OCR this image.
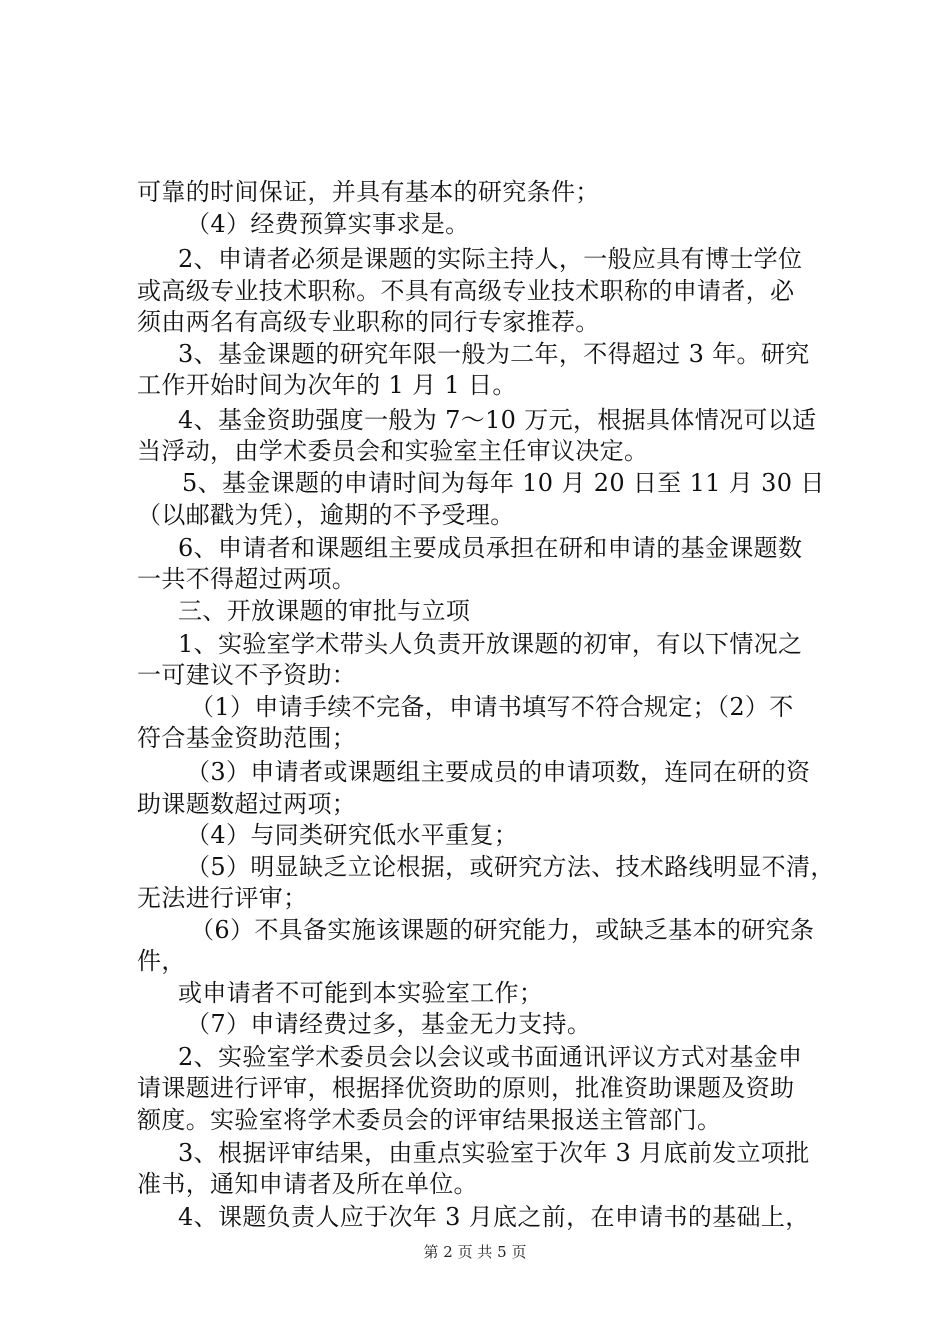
可靠的时间保证，并具有基本的研究条件；
（4）经费预算实事求是。
2、申请者必须是课题的实际主持人，一般应具有博士学位
或高级专业技术职称。不具有高级专业技术职称的申请者，必
须由两名有高级专业职称的同行专家推荐。
3、基金课题的研究年限一般为二年，不得超过 3 年。研究
工作开始时间为次年的 1 月 1 日。
4、基金资助强度一般为 7～10 万元，根据具体情况可以适
当浮动，由学术委员会和实验室主任审议决定。
5、基金课题的申请时间为每年 10 月 20 日至 11 月 30 日
（以邮戳为凭），逾期的不予受理。
6、申请者和课题组主要成员承担在研和申请的基金课题数
一共不得超过两项。
三、开放课题的审批与立项
1、实验室学术带头人负责开放课题的初审，有以下情况之
一可建议不予资助：
（1）申请手续不完备，申请书填写不符合规定；（2）不
符合基金资助范围；
（3）申请者或课题组主要成员的申请项数，连同在研的资
助课题数超过两项；
（4）与同类研究低水平重复；
（5）明显缺乏立论根据，或研究方法、技术路线明显不清，
无法进行评审；
（6）不具备实施该课题的研究能力，或缺乏基本的研究条
件，
或申请者不可能到本实验室工作；
（7）申请经费过多，基金无力支持。
2、实验室学术委员会以会议或书面通讯评议方式对基金申
请课题进行评审，根据择优资助的原则，批准资助课题及资助
额度。实验室将学术委员会的评审结果报送主管部门。
3、根据评审结果，由重点实验室于次年 3 月底前发立项批
准书，通知申请者及所在单位。
4、课题负责人应于次年 3 月底之前，在申请书的基础上，
第 2 页 共 5 页
